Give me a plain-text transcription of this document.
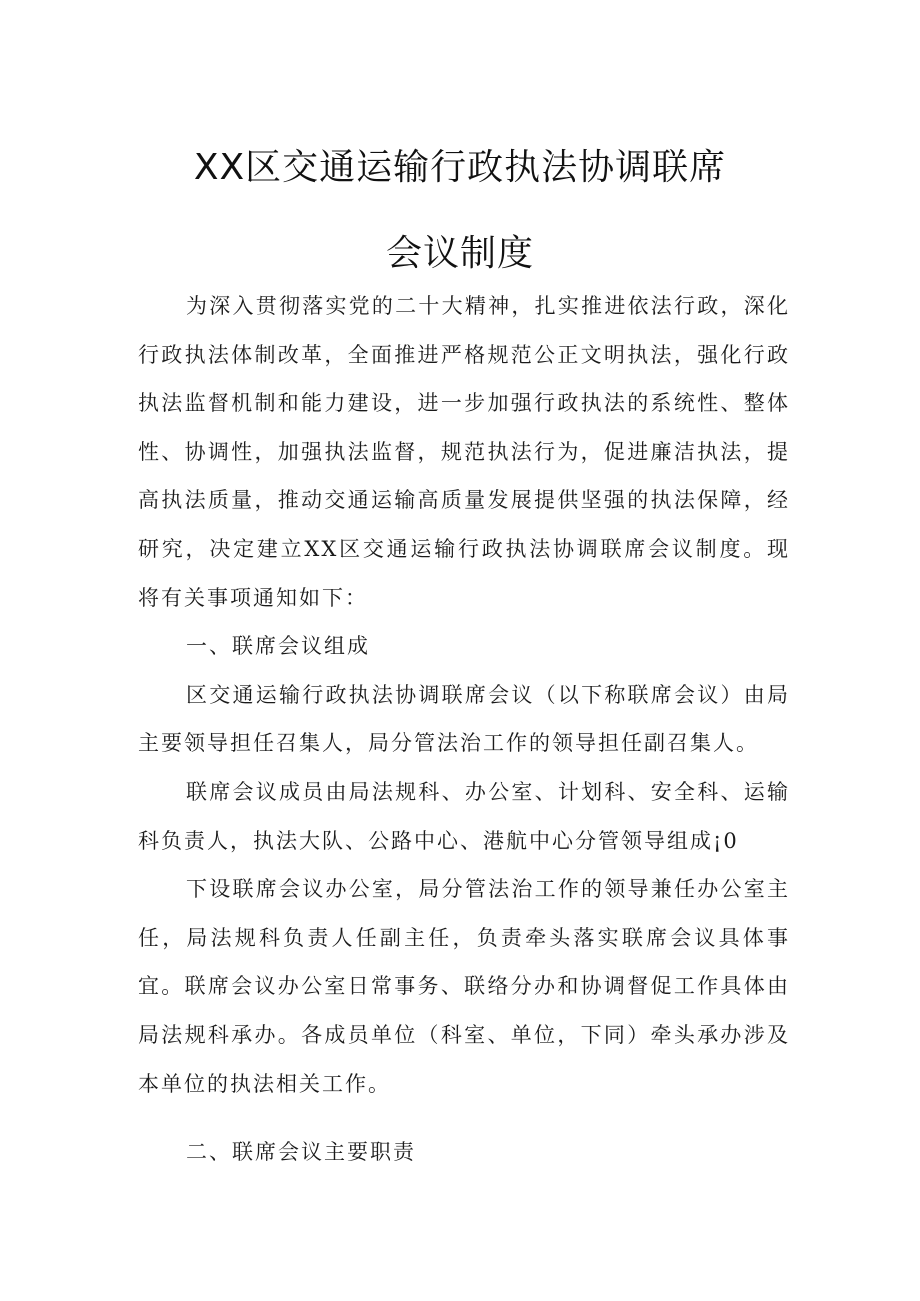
XX区交通运输行政执法协调联席
会议制度

为深入贯彻落实党的二十大精神，扎实推进依法行政，深化行政执法体制改革，全面推进严格规范公正文明执法，强化行政执法监督机制和能力建设，进一步加强行政执法的系统性、整体性、协调性，加强执法监督，规范执法行为，促进廉洁执法，提高执法质量，推动交通运输高质量发展提供坚强的执法保障，经研究，决定建立XX区交通运输行政执法协调联席会议制度。现将有关事项通知如下：

一、联席会议组成

区交通运输行政执法协调联席会议（以下称联席会议）由局主要领导担任召集人，局分管法治工作的领导担任副召集人。

联席会议成员由局法规科、办公室、计划科、安全科、运输科负责人，执法大队、公路中心、港航中心分管领导组成¡0

下设联席会议办公室，局分管法治工作的领导兼任办公室主任，局法规科负责人任副主任，负责牵头落实联席会议具体事宜。联席会议办公室日常事务、联络分办和协调督促工作具体由局法规科承办。各成员单位（科室、单位，下同）牵头承办涉及本单位的执法相关工作。

二、联席会议主要职责
